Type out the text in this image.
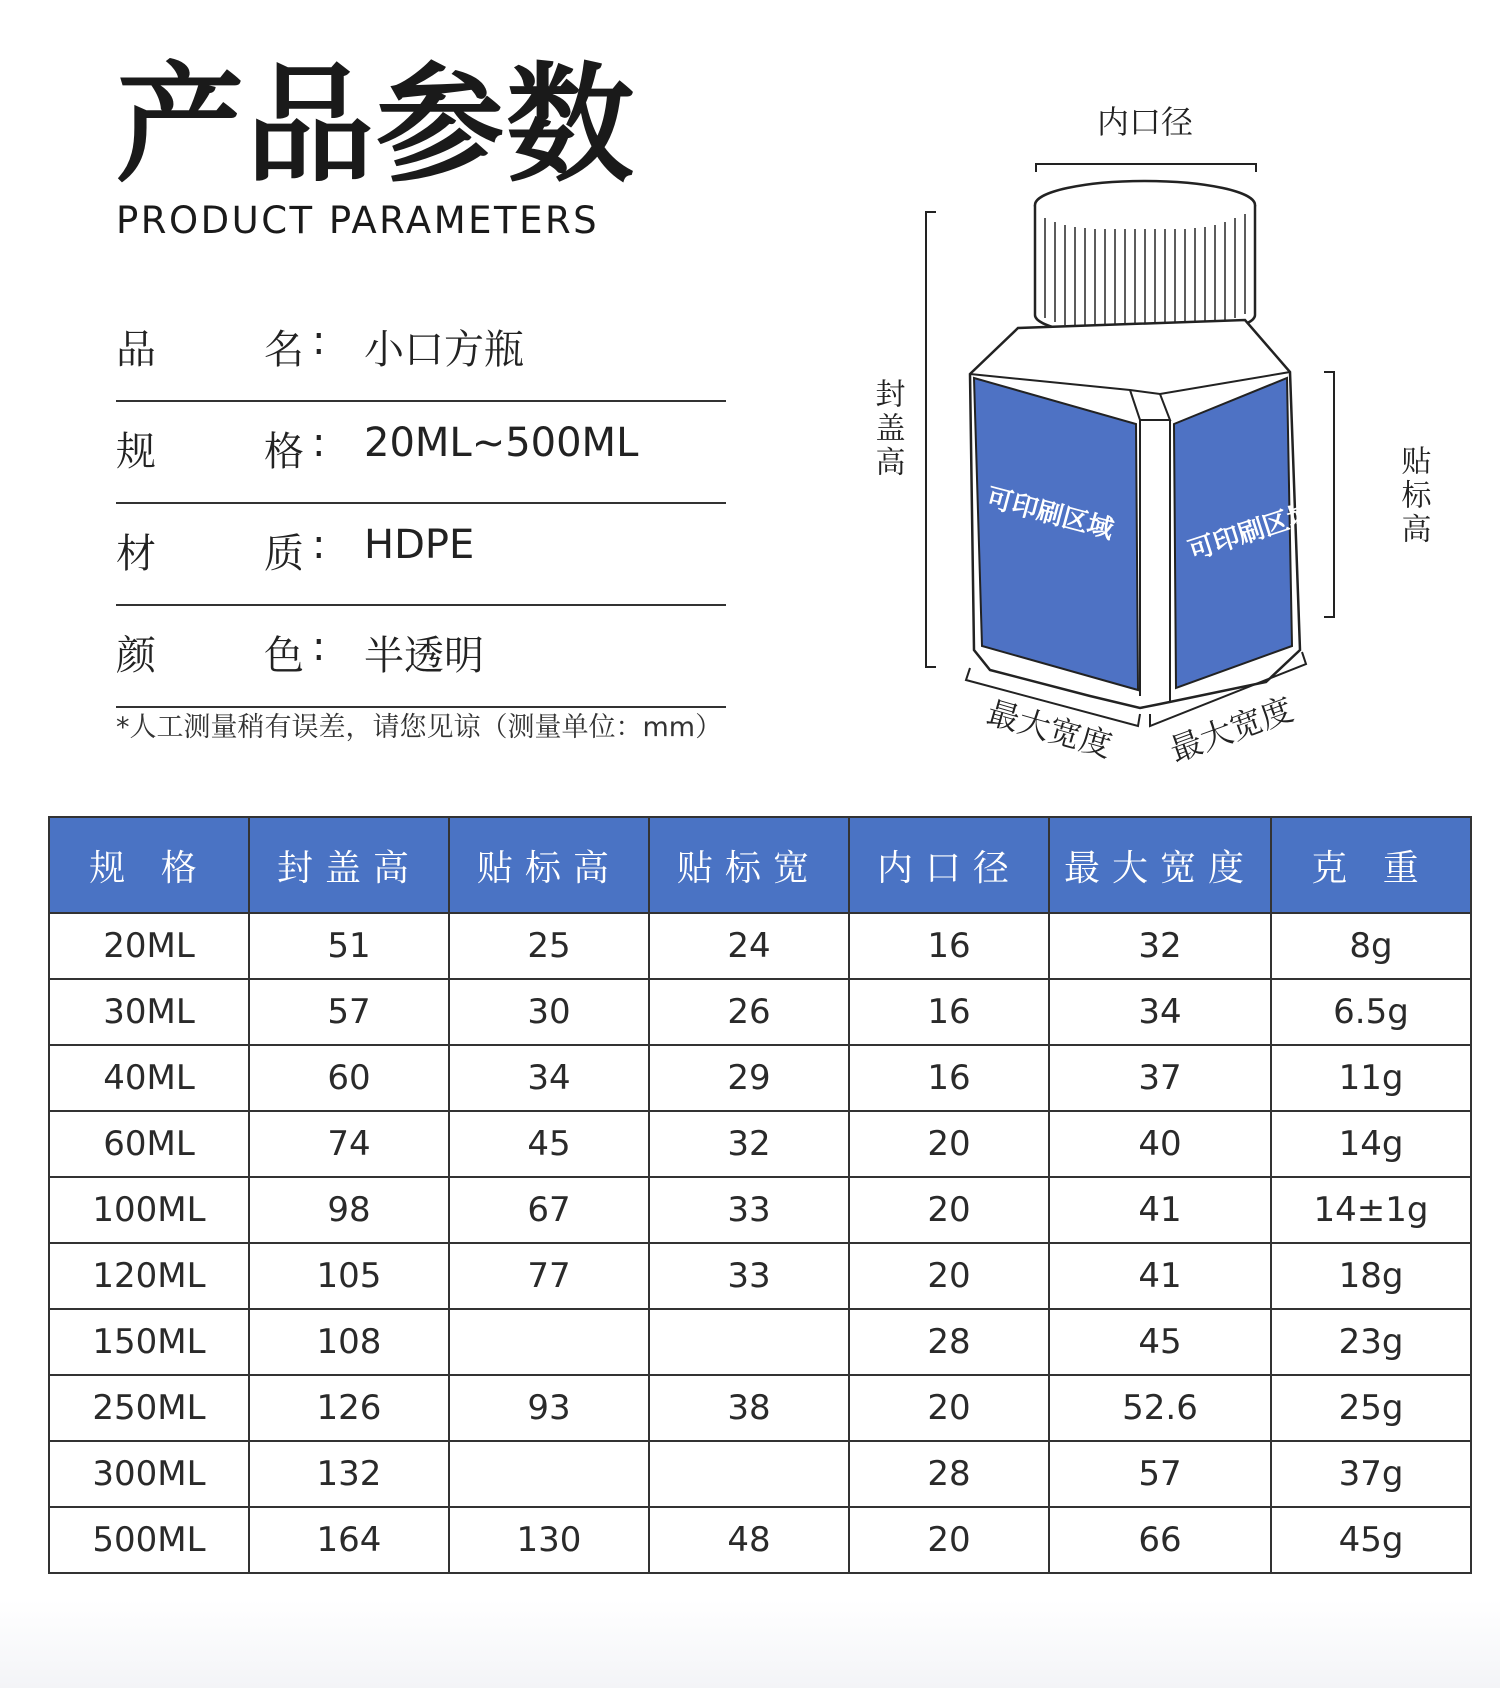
产品参数
PRODUCT PARAMETERS
品	名 : 小口方瓶
规	格 : 20ML~500ML
材	质 : HDPE
颜	色 : 半透明
*人工测量稍有误差，请您见谅（测量单位：mm）
内口径
封盖高
贴标高
可印刷区域	可印刷区域
最大宽度 最大宽度
规 格	封盖高	贴标高	贴标宽	内口径	最大宽度	克 重
20ML	51	25	24	16	32	8g
30ML	57	30	26	16	34	6.5g
40ML	60	34	29	16	37	11g
60ML	74	45	32	20	40	14g
100ML	98	67	33	20	41	14±1g
120ML	105	77	33	20	41	18g
150ML	108			28	45	23g
250ML	126	93	38	20	52.6	25g
300ML	132			28	57	37g
500ML	164	130	48	20	66	45g
